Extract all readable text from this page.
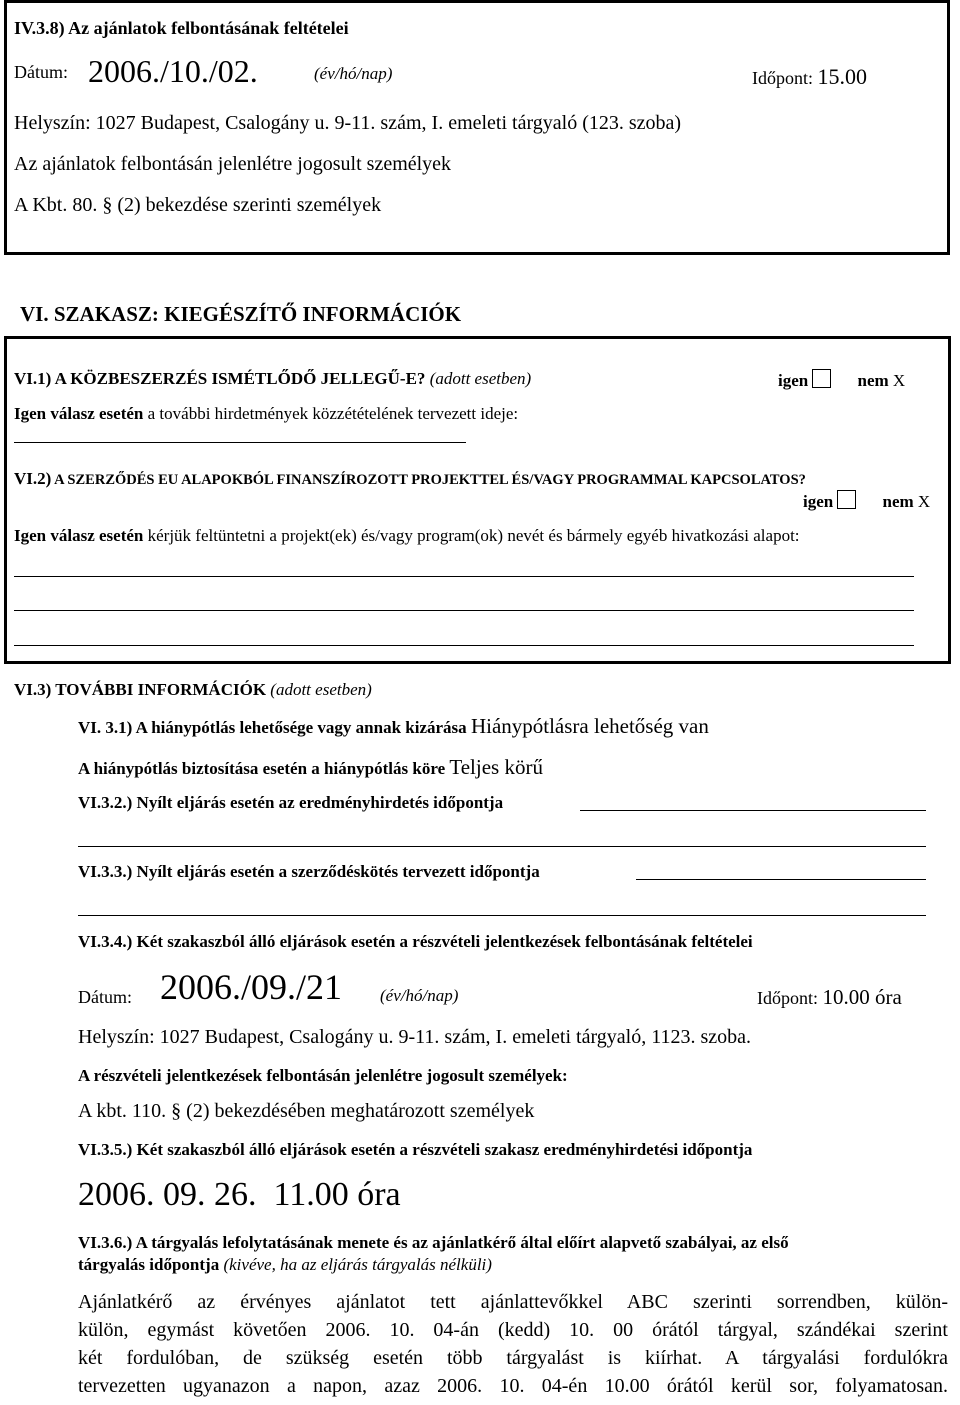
IV.3.8) Az ajánlatok felbontásának feltételei
Dátum: 2006./10./02.	(év/hó/nap)	Időpont: 15.00
Helyszín: 1027 Budapest, Csalogány u. 9-11. szám, I. emeleti tárgyaló (123. szoba)
Az ajánlatok felbontásán jelenlétre jogosult személyek
A Kbt. 80. § (2) bekezdése szerinti személyek
VI. SZAKASZ: KIEGÉSZÍTŐ INFORMÁCIÓK
VI.1) A KÖZBESZERZÉS ISMÉTLŐDŐ JELLEGŰ-E? (adott esetben)	igen	nem X
Igen válasz esetén a további hirdetmények közzétételének tervezett ideje:
VI.2) A SZERZŐDÉS EU ALAPOKBÓL FINANSZÍROZOTT PROJEKTTEL ÉS/VAGY PROGRAMMAL KAPCSOLATOS?
igen	nem X
Igen válasz esetén kérjük feltüntetni a projekt(ek) és/vagy program(ok) nevét és bármely egyéb hivatkozási alapot:
VI.3) TOVÁBBI INFORMÁCIÓK (adott esetben)
VI. 3.1) A hiánypótlás lehetősége vagy annak kizárása Hiánypótlásra lehetőség van
A hiánypótlás biztosítása esetén a hiánypótlás köre Teljes körű
VI.3.2.) Nyílt eljárás esetén az eredményhirdetés időpontja
VI.3.3.) Nyílt eljárás esetén a szerződéskötés tervezett időpontja
VI.3.4.) Két szakaszból álló eljárások esetén a részvételi jelentkezések felbontásának feltételei
Dátum: 2006./09./21 (év/hó/nap)	Időpont: 10.00 óra
Helyszín: 1027 Budapest, Csalogány u. 9-11. szám, I. emeleti tárgyaló, 1123. szoba.
A részvételi jelentkezések felbontásán jelenlétre jogosult személyek:
A kbt. 110. § (2) bekezdésében meghatározott személyek
VI.3.5.) Két szakaszból álló eljárások esetén a részvételi szakasz eredményhirdetési időpontja
2006. 09. 26.  11.00 óra
VI.3.6.) A tárgyalás lefolytatásának menete és az ajánlatkérő által előírt alapvető szabályai, az első
tárgyalás időpontja (kivéve, ha az eljárás tárgyalás nélküli)
Ajánlatkérő az érvényes ajánlatot tett ajánlattevőkkel ABC szerinti sorrendben, külön-
külön, egymást követően 2006. 10. 04-án (kedd) 10. 00 órától tárgyal, szándékai szerint
két fordulóban, de szükség esetén több tárgyalást is kiírhat. A tárgyalási fordulókra
tervezetten ugyanazon a napon, azaz 2006. 10. 04-én 10.00 órától kerül sor, folyamatosan.
